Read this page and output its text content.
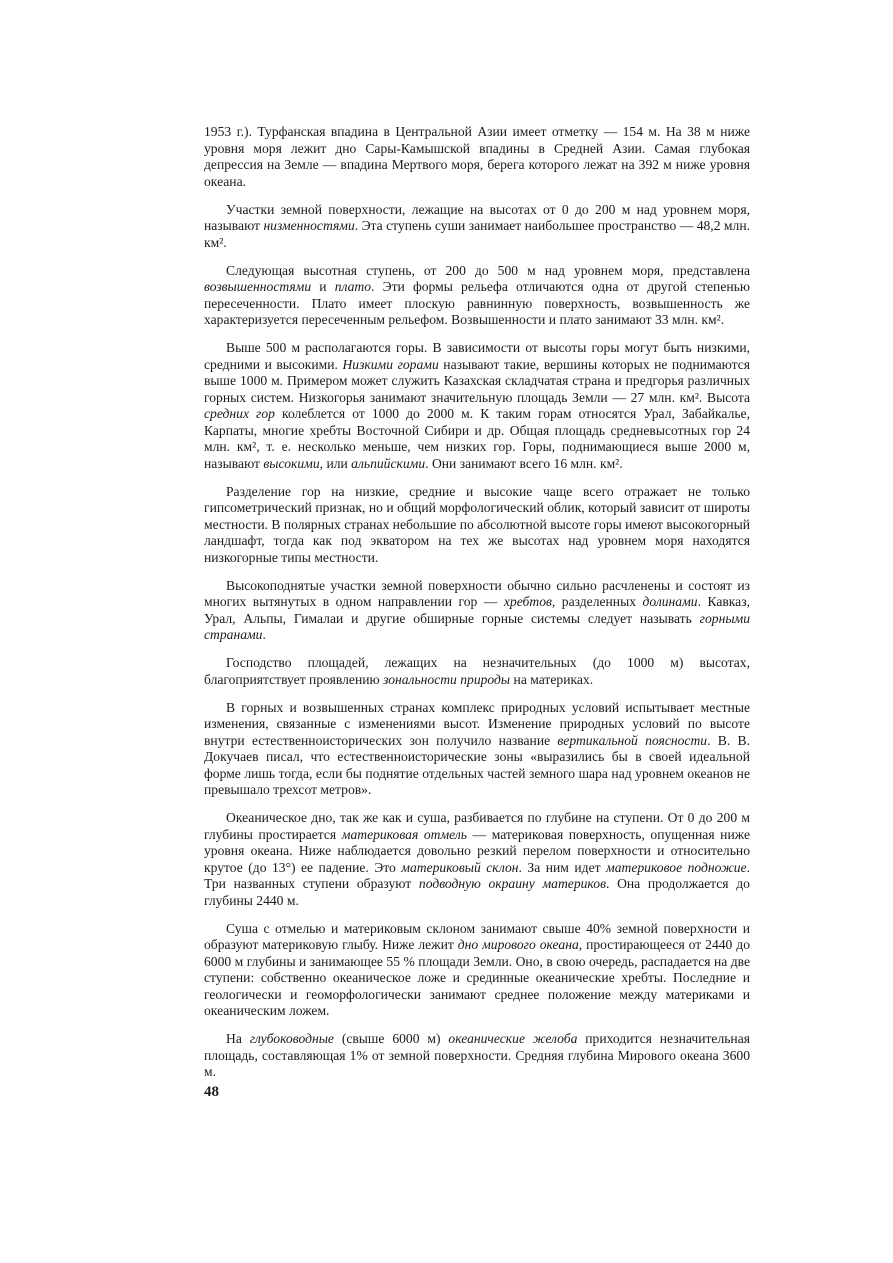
1953 г.). Турфанская впадина в Центральной Азии имеет отметку — 154 м. На 38 м ниже уровня моря лежит дно Сары-Камышской впадины в Средней Азии. Самая глубокая депрессия на Земле — впадина Мертвого моря, берега которого лежат на 392 м ниже уровня океана.

Участки земной поверхности, лежащие на высотах от 0 до 200 м над уровнем моря, называют низменностями. Эта ступень суши занимает наибольшее пространство — 48,2 млн. км².

Следующая высотная ступень, от 200 до 500 м над уровнем моря, представлена возвышенностями и плато. Эти формы рельефа отличаются одна от другой степенью пересеченности. Плато имеет плоскую равнинную поверхность, возвышенность же характеризуется пересеченным рельефом. Возвышенности и плато занимают 33 млн. км².

Выше 500 м располагаются горы. В зависимости от высоты горы могут быть низкими, средними и высокими. Низкими горами называют такие, вершины которых не поднимаются выше 1000 м. Примером может служить Казахская складчатая страна и предгорья различных горных систем. Низкогорья занимают значительную площадь Земли — 27 млн. км². Высота средних гор колеблется от 1000 до 2000 м. К таким горам относятся Урал, Забайкалье, Карпаты, многие хребты Восточной Сибири и др. Общая площадь средневысотных гор 24 млн. км², т. е. несколько меньше, чем низких гор. Горы, поднимающиеся выше 2000 м, называют высокими, или альпийскими. Они занимают всего 16 млн. км².

Разделение гор на низкие, средние и высокие чаще всего отражает не только гипсометрический признак, но и общий морфологический облик, который зависит от широты местности. В полярных странах небольшие по абсолютной высоте горы имеют высокогорный ландшафт, тогда как под экватором на тех же высотах над уровнем моря находятся низкогорные типы местности.

Высокоподнятые участки земной поверхности обычно сильно расчленены и состоят из многих вытянутых в одном направлении гор — хребтов, разделенных долинами. Кавказ, Урал, Альпы, Гималаи и другие обширные горные системы следует называть горными странами.

Господство площадей, лежащих на незначительных (до 1000 м) высотах, благоприятствует проявлению зональности природы на материках.

В горных и возвышенных странах комплекс природных условий испытывает местные изменения, связанные с изменениями высот. Изменение природных условий по высоте внутри естественноисторических зон получило название вертикальной поясности. В. В. Докучаев писал, что естественноисторические зоны «выразились бы в своей идеальной форме лишь тогда, если бы поднятие отдельных частей земного шара над уровнем океанов не превышало трехсот метров».

Океаническое дно, так же как и суша, разбивается по глубине на ступени. От 0 до 200 м глубины простирается материковая отмель — материковая поверхность, опущенная ниже уровня океана. Ниже наблюдается довольно резкий перелом поверхности и относительно крутое (до 13°) ее падение. Это материковый склон. За ним идет материковое подножие. Три названных ступени образуют подводную окраину материков. Она продолжается до глубины 2440 м.

Суша с отмелью и материковым склоном занимают свыше 40% земной поверхности и образуют материковую глыбу. Ниже лежит дно мирового океана, простирающееся от 2440 до 6000 м глубины и занимающее 55 % площади Земли. Оно, в свою очередь, распадается на две ступени: собственно океаническое ложе и срединные океанические хребты. Последние и геологически и геоморфологически занимают среднее положение между материками и океаническим ложем.

На глубоководные (свыше 6000 м) океанические желоба приходится незначительная площадь, составляющая 1% от земной поверхности. Средняя глубина Мирового океана 3600 м.

48
